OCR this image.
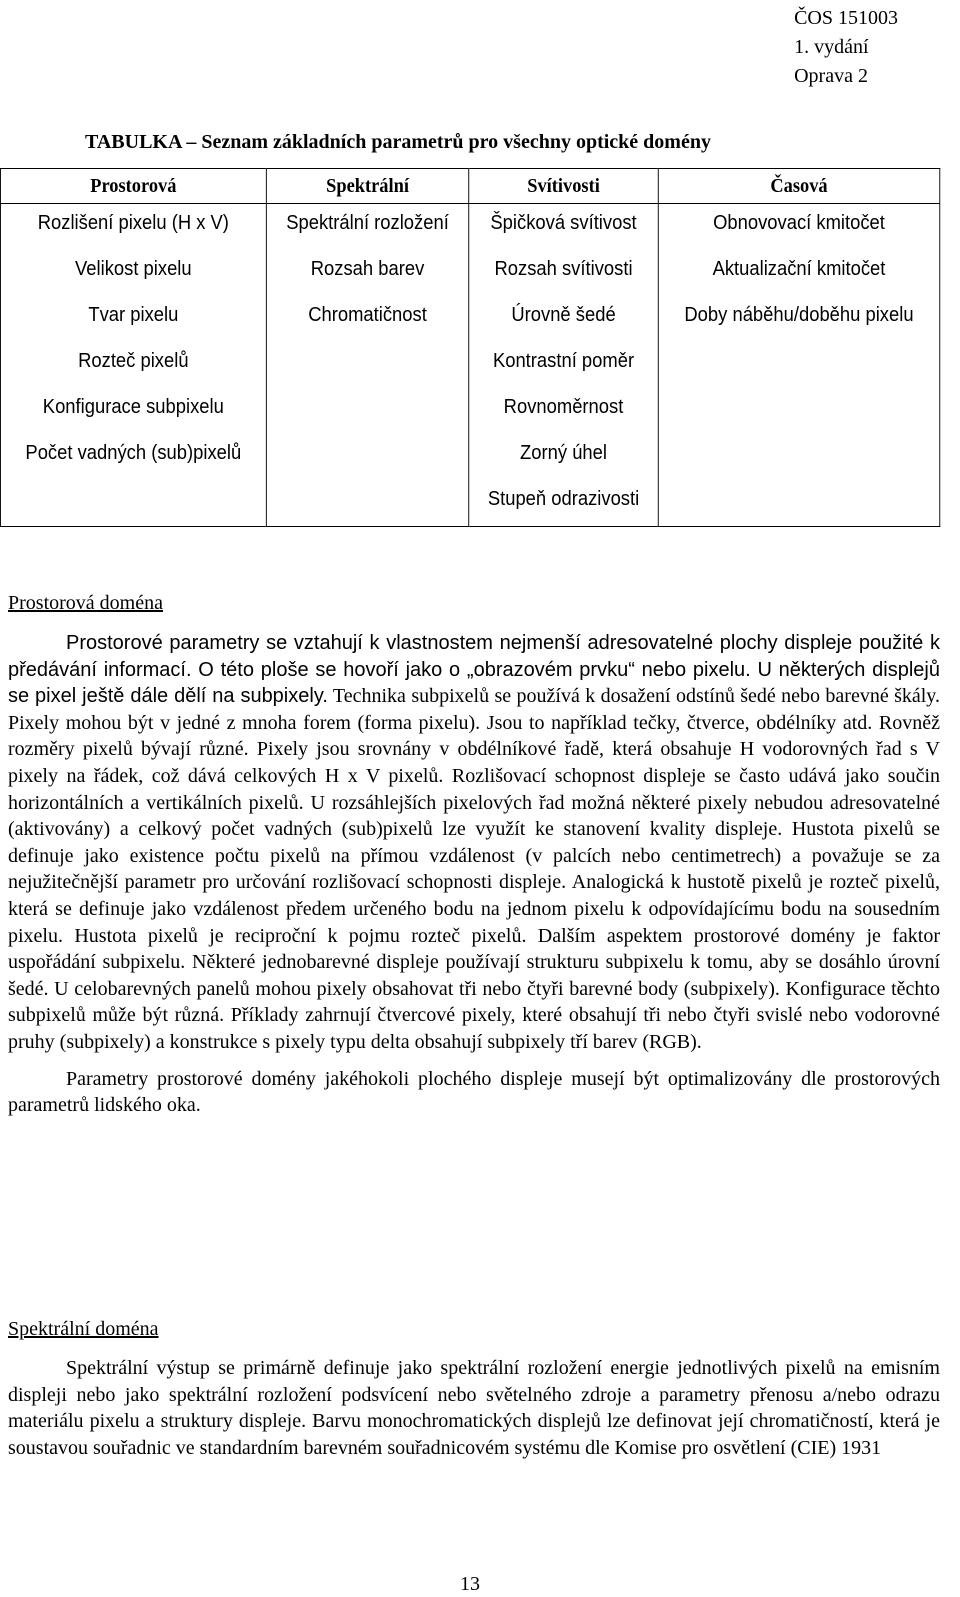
ČOS 151003
1. vydání
Oprava 2
TABULKA – Seznam základních parametrů pro všechny optické domény
Prostorová	Spektrální	Svítivosti	Časová
Rozlišení pixelu (H x V)	Spektrální rozložení	Špičková svítivost	Obnovovací kmitočet
Velikost pixelu	Rozsah barev	Rozsah svítivosti	Aktualizační kmitočet
Tvar pixelu	Chromatičnost	Úrovně šedé	Doby náběhu/doběhu pixelu
Rozteč pixelů		Kontrastní poměr	
Konfigurace subpixelu		Rovnoměrnost	
Počet vadných (sub)pixelů		Zorný úhel	
		Stupeň odrazivosti	
Prostorová doména

Prostorové parametry se vztahují k vlastnostem nejmenší adresovatelné plochy displeje použité k předávání informací. O této ploše se hovoří jako o „obrazovém prvku“ nebo pixelu. U některých displejů se pixel ještě dále dělí na subpixely. Technika subpixelů se používá k dosažení odstínů šedé nebo barevné škály. Pixely mohou být v jedné z mnoha forem (forma pixelu). Jsou to například tečky, čtverce, obdélníky atd. Rovněž rozměry pixelů bývají různé. Pixely jsou srovnány v obdélníkové řadě, která obsahuje H vodorovných řad s V pixely na řádek, což dává celkových H x V pixelů. Rozlišovací schopnost displeje se často udává jako součin horizontálních a vertikálních pixelů. U rozsáhlejších pixelových řad možná některé pixely nebudou adresovatelné (aktivovány) a celkový počet vadných (sub)pixelů lze využít ke stanovení kvality displeje. Hustota pixelů se definuje jako existence počtu pixelů na přímou vzdálenost (v palcích nebo centimetrech) a považuje se za nejužitečnější parametr pro určování rozlišovací schopnosti displeje. Analogická k hustotě pixelů je rozteč pixelů, která se definuje jako vzdálenost předem určeného bodu na jednom pixelu k odpovídajícímu bodu na sousedním pixelu. Hustota pixelů je reciproční k pojmu rozteč pixelů. Dalším aspektem prostorové domény je faktor uspořádání subpixelu. Některé jednobarevné displeje používají strukturu subpixelu k tomu, aby se dosáhlo úrovní šedé. U celobarevných panelů mohou pixely obsahovat tři nebo čtyři barevné body (subpixely). Konfigurace těchto subpixelů může být různá. Příklady zahrnují čtvercové pixely, které obsahují tři nebo čtyři svislé nebo vodorovné pruhy (subpixely) a konstrukce s pixely typu delta obsahují subpixely tří barev (RGB).

Parametry prostorové domény jakéhokoli plochého displeje musejí být optimalizovány dle prostorových parametrů lidského oka.

Spektrální doména

Spektrální výstup se primárně definuje jako spektrální rozložení energie jednotlivých pixelů na emisním displeji nebo jako spektrální rozložení podsvícení nebo světelného zdroje a parametry přenosu a/nebo odrazu materiálu pixelu a struktury displeje. Barvu monochromatických displejů lze definovat její chromatičností, která je soustavou souřadnic ve standardním barevném souřadnicovém systému dle Komise pro osvětlení (CIE) 1931

13
